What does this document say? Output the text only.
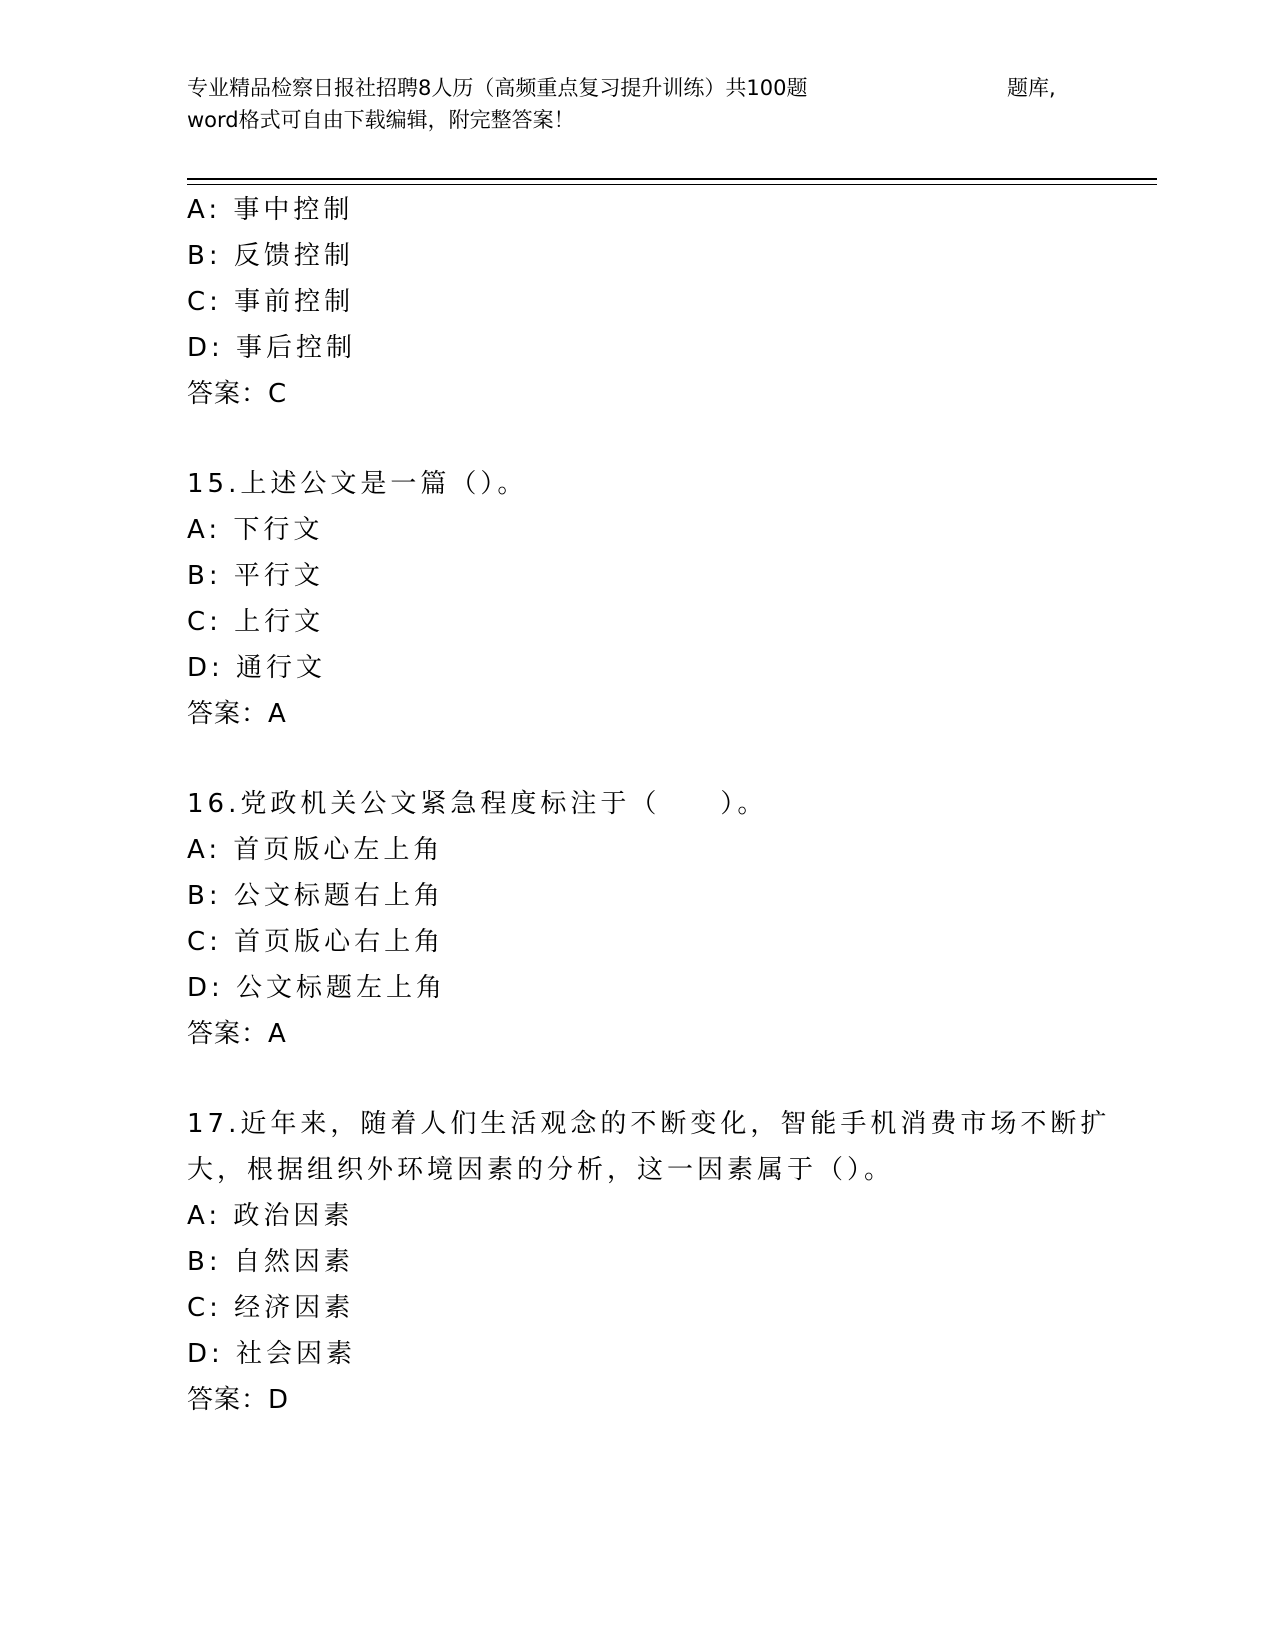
专业精品检察日报社招聘8人历（高频重点复习提升训练）共100题	题库,
word格式可自由下载编辑，附完整答案！
A: 事中控制
B: 反馈控制
C: 事前控制
D: 事后控制
答案：C
15.上述公文是一篇（）。
A: 下行文
B: 平行文
C: 上行文
D: 通行文
答案：A
16.党政机关公文紧急程度标注于（　　）。
A: 首页版心左上角
B: 公文标题右上角
C: 首页版心右上角
D: 公文标题左上角
答案：A
17.近年来，随着人们生活观念的不断变化，智能手机消费市场不断扩
大，根据组织外环境因素的分析，这一因素属于（）。
A: 政治因素
B: 自然因素
C: 经济因素
D: 社会因素
答案：D
